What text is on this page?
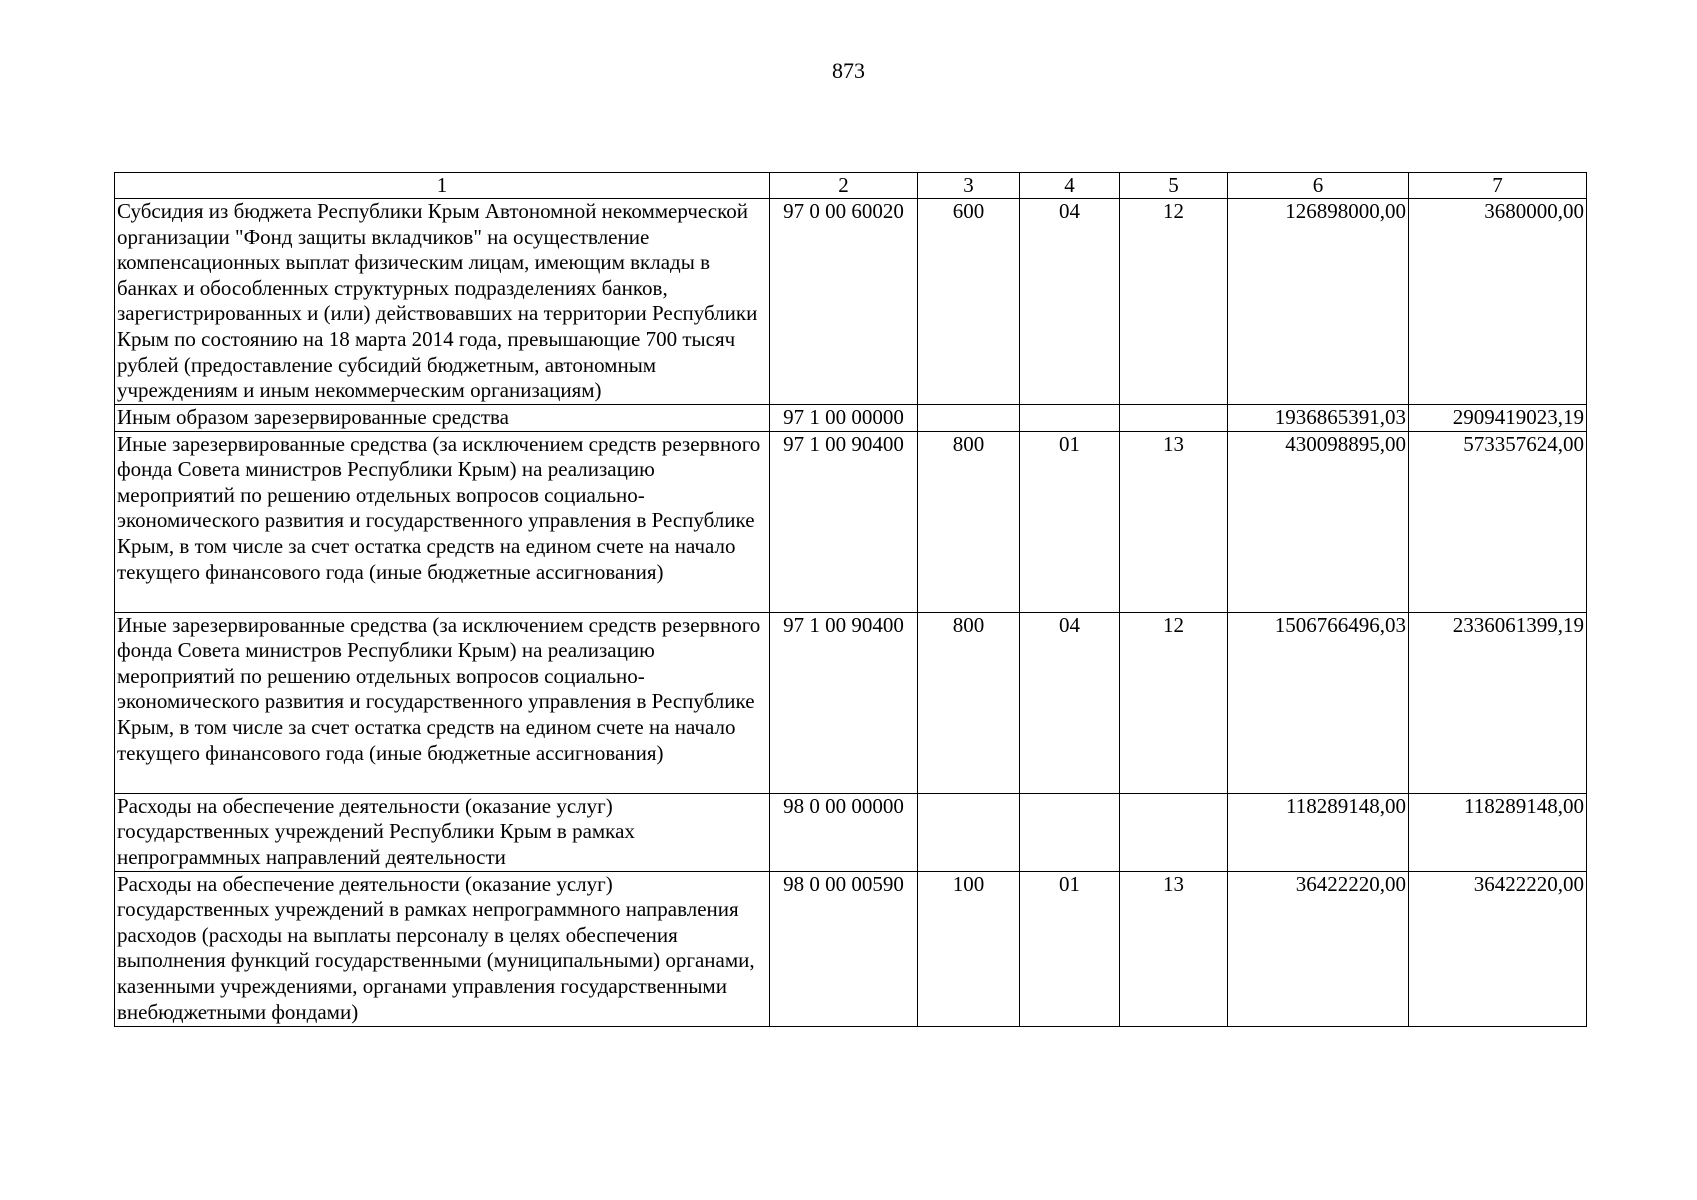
873
1	2	3	4	5	6	7
Субсидия из бюджета Республики Крым Автономной некоммерческой организации "Фонд защиты вкладчиков" на осуществление компенсационных выплат физическим лицам, имеющим вклады в банках и обособленных структурных подразделениях банков, зарегистрированных и (или) действовавших на территории Республики Крым по состоянию на 18 марта 2014 года, превышающие 700 тысяч рублей (предоставление субсидий бюджетным, автономным учреждениям и иным некоммерческим организациям)	97 0 00 60020	600	04	12	126898000,00	3680000,00
Иным образом зарезервированные средства	97 1 00 00000				1936865391,03	2909419023,19
Иные зарезервированные средства (за исключением средств резервного фонда Совета министров Республики Крым) на реализацию мероприятий по решению отдельных вопросов социально-экономического развития и государственного управления в Республике Крым, в том числе за счет остатка средств на едином счете на начало текущего финансового года (иные бюджетные ассигнования)	97 1 00 90400	800	01	13	430098895,00	573357624,00
Иные зарезервированные средства (за исключением средств резервного фонда Совета министров Республики Крым) на реализацию мероприятий по решению отдельных вопросов социально-экономического развития и государственного управления в Республике Крым, в том числе за счет остатка средств на едином счете на начало текущего финансового года (иные бюджетные ассигнования)	97 1 00 90400	800	04	12	1506766496,03	2336061399,19
Расходы на обеспечение деятельности (оказание услуг) государственных учреждений Республики Крым в рамках непрограммных направлений деятельности	98 0 00 00000				118289148,00	118289148,00
Расходы на обеспечение деятельности (оказание услуг) государственных учреждений в рамках непрограммного направления расходов (расходы на выплаты персоналу в целях обеспечения выполнения функций государственными (муниципальными) органами, казенными учреждениями, органами управления государственными внебюджетными фондами)	98 0 00 00590	100	01	13	36422220,00	36422220,00
